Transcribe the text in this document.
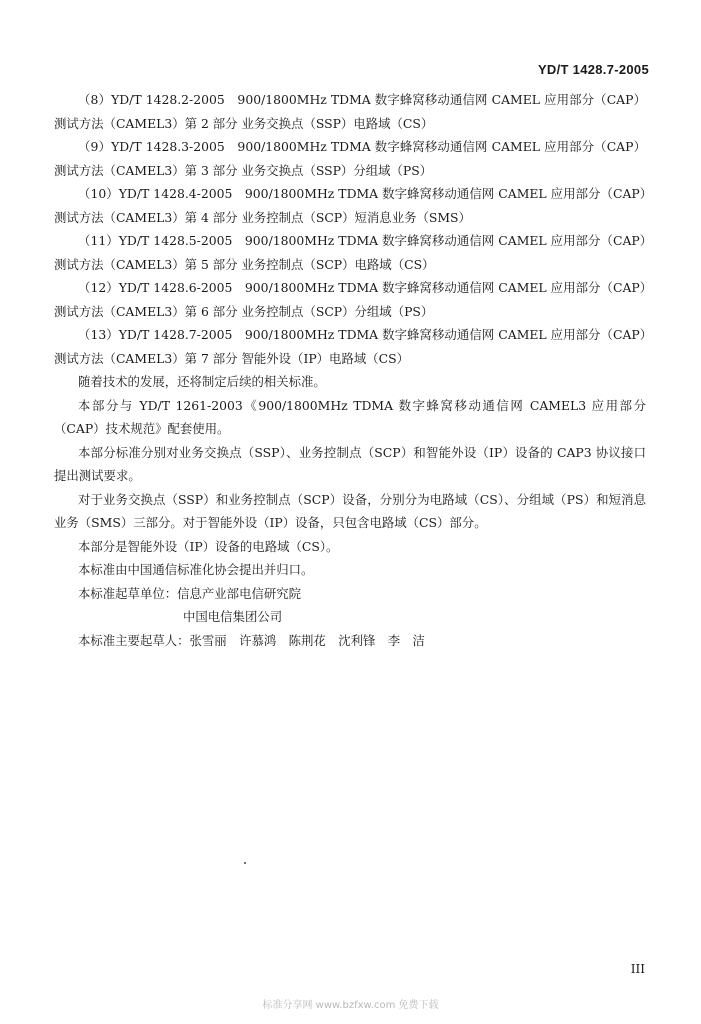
YD/T 1428.7-2005

（8）YD/T 1428.2-2005　900/1800MHz TDMA 数字蜂窝移动通信网 CAMEL 应用部分（CAP）测试方法（CAMEL3）第 2 部分 业务交换点（SSP）电路域（CS）

（9）YD/T 1428.3-2005　900/1800MHz TDMA 数字蜂窝移动通信网 CAMEL 应用部分（CAP）测试方法（CAMEL3）第 3 部分 业务交换点（SSP）分组域（PS）

（10）YD/T 1428.4-2005　900/1800MHz TDMA 数字蜂窝移动通信网 CAMEL 应用部分（CAP）测试方法（CAMEL3）第 4 部分 业务控制点（SCP）短消息业务（SMS）

（11）YD/T 1428.5-2005　900/1800MHz TDMA 数字蜂窝移动通信网 CAMEL 应用部分（CAP）测试方法（CAMEL3）第 5 部分 业务控制点（SCP）电路域（CS）

（12）YD/T 1428.6-2005　900/1800MHz TDMA 数字蜂窝移动通信网 CAMEL 应用部分（CAP）测试方法（CAMEL3）第 6 部分 业务控制点（SCP）分组域（PS）

（13）YD/T 1428.7-2005　900/1800MHz TDMA 数字蜂窝移动通信网 CAMEL 应用部分（CAP）测试方法（CAMEL3）第 7 部分 智能外设（IP）电路域（CS）

随着技术的发展，还将制定后续的相关标准。

本部分与 YD/T 1261-2003《900/1800MHz TDMA 数字蜂窝移动通信网 CAMEL3 应用部分（CAP）技术规范》配套使用。

本部分标准分别对业务交换点（SSP）、业务控制点（SCP）和智能外设（IP）设备的 CAP3 协议接口提出测试要求。

对于业务交换点（SSP）和业务控制点（SCP）设备，分别分为电路域（CS）、分组域（PS）和短消息业务（SMS）三部分。对于智能外设（IP）设备，只包含电路域（CS）部分。

本部分是智能外设（IP）设备的电路域（CS）。

本标准由中国通信标准化协会提出并归口。

本标准起草单位：信息产业部电信研究院

中国电信集团公司

本标准主要起草人：张雪丽　许慕鸿　陈荆花　沈利锋　李　洁

III
标准分享网 www.bzfxw.com 免费下载
